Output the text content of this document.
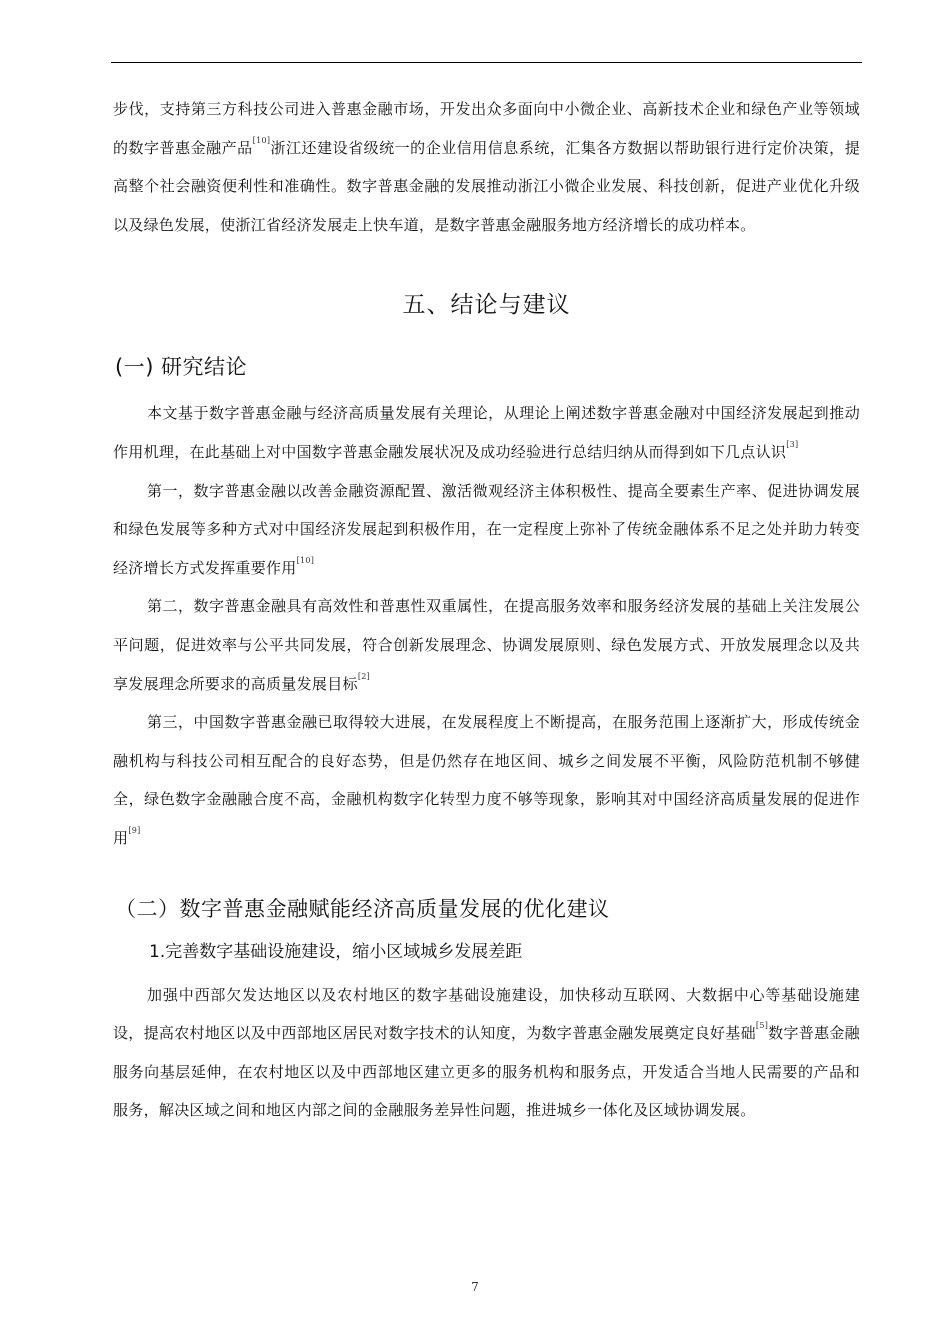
步伐，支持第三方科技公司进入普惠金融市场，开发出众多面向中小微企业、高新技术企业和绿色产业等领域的数字普惠金融产品[10]浙江还建设省级统一的企业信用信息系统，汇集各方数据以帮助银行进行定价决策，提高整个社会融资便利性和准确性。数字普惠金融的发展推动浙江小微企业发展、科技创新，促进产业优化升级以及绿色发展，使浙江省经济发展走上快车道，是数字普惠金融服务地方经济增长的成功样本。

五、结论与建议
(一) 研究结论

本文基于数字普惠金融与经济高质量发展有关理论，从理论上阐述数字普惠金融对中国经济发展起到推动作用机理，在此基础上对中国数字普惠金融发展状况及成功经验进行总结归纳从而得到如下几点认识[3]

第一，数字普惠金融以改善金融资源配置、激活微观经济主体积极性、提高全要素生产率、促进协调发展和绿色发展等多种方式对中国经济发展起到积极作用，在一定程度上弥补了传统金融体系不足之处并助力转变经济增长方式发挥重要作用[10]

第二，数字普惠金融具有高效性和普惠性双重属性，在提高服务效率和服务经济发展的基础上关注发展公平问题，促进效率与公平共同发展，符合创新发展理念、协调发展原则、绿色发展方式、开放发展理念以及共享发展理念所要求的高质量发展目标[2]

第三，中国数字普惠金融已取得较大进展，在发展程度上不断提高，在服务范围上逐渐扩大，形成传统金融机构与科技公司相互配合的良好态势，但是仍然存在地区间、城乡之间发展不平衡，风险防范机制不够健全，绿色数字金融融合度不高，金融机构数字化转型力度不够等现象，影响其对中国经济高质量发展的促进作用[9]

（二）数字普惠金融赋能经济高质量发展的优化建议
1.完善数字基础设施建设，缩小区域城乡发展差距

加强中西部欠发达地区以及农村地区的数字基础设施建设，加快移动互联网、大数据中心等基础设施建设，提高农村地区以及中西部地区居民对数字技术的认知度，为数字普惠金融发展奠定良好基础[5]数字普惠金融服务向基层延伸，在农村地区以及中西部地区建立更多的服务机构和服务点，开发适合当地人民需要的产品和服务，解决区域之间和地区内部之间的金融服务差异性问题，推进城乡一体化及区域协调发展。

7
